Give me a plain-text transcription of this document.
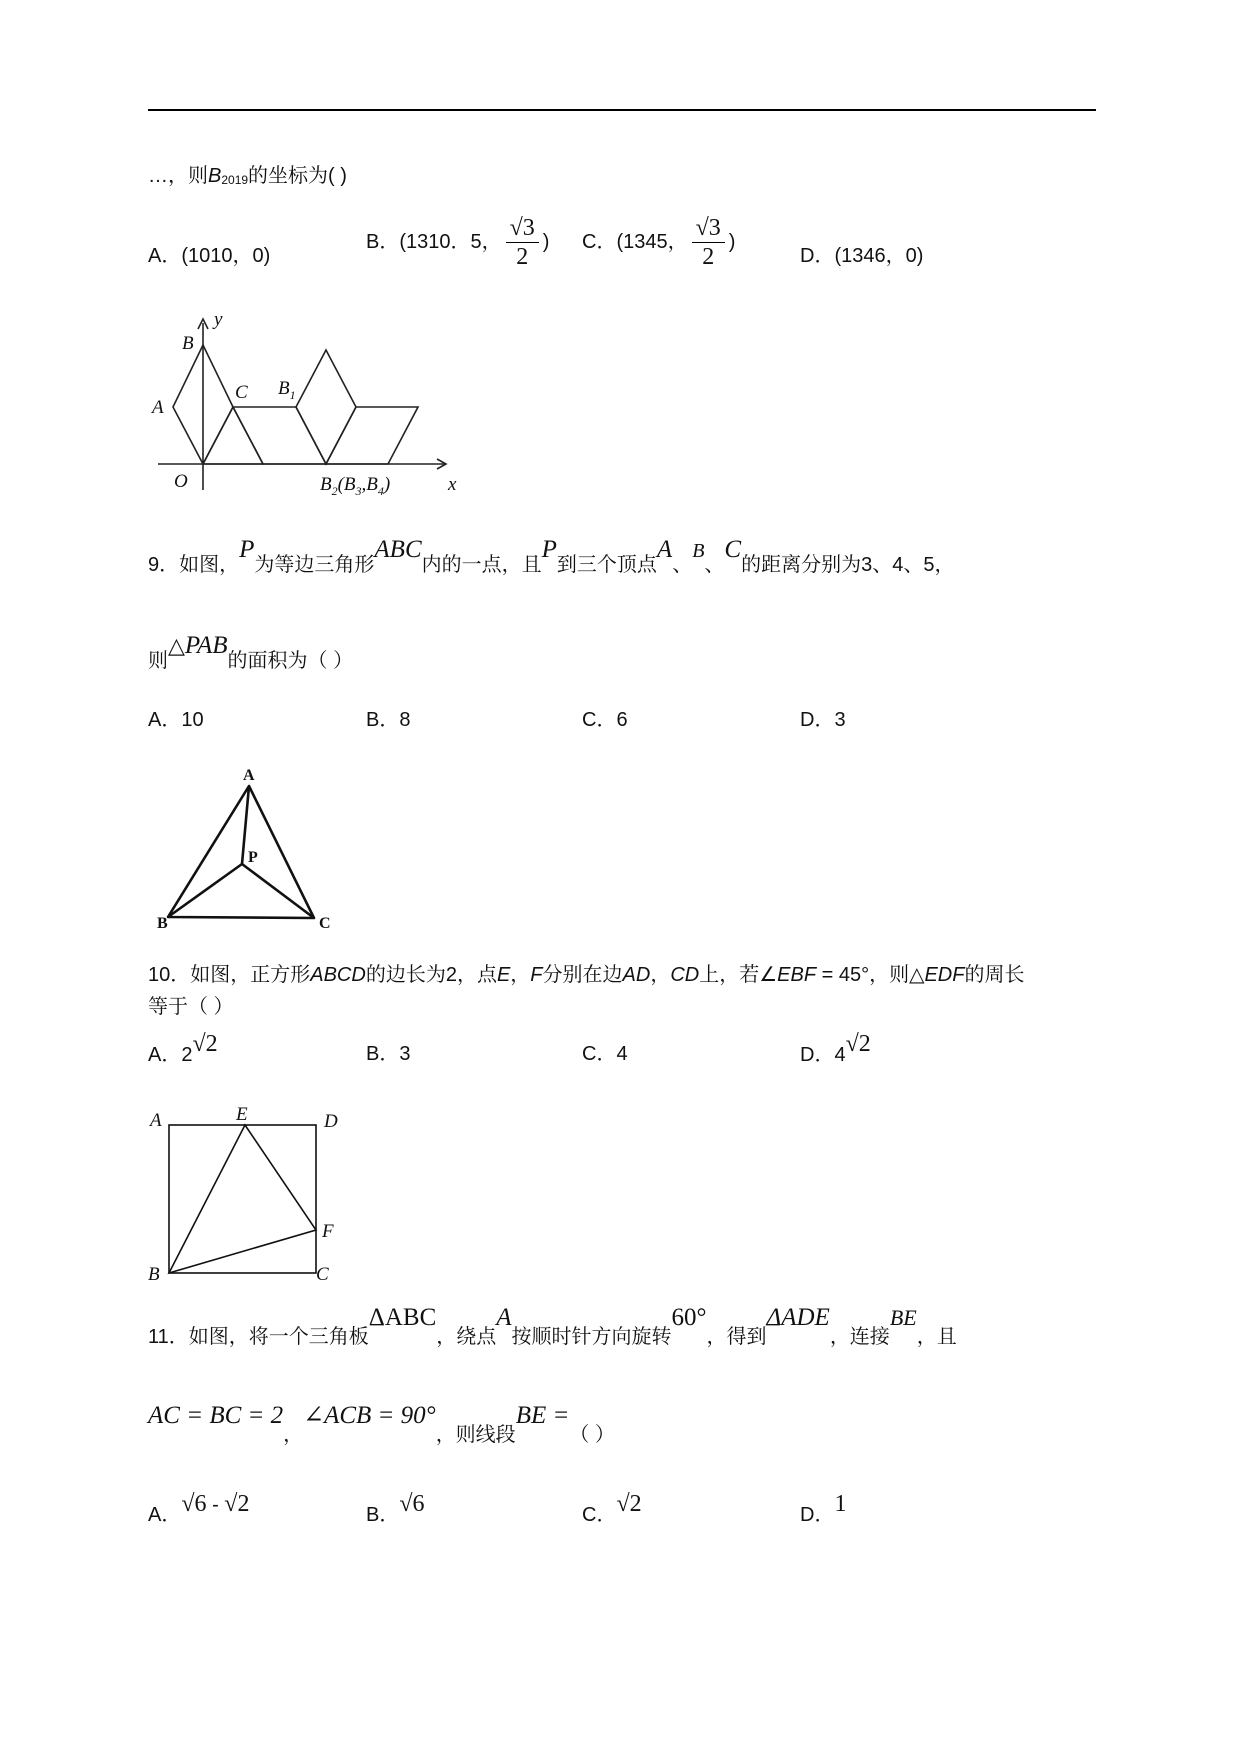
…，则B2019的坐标为( )
A．(1010，0)
B．(1310．5， $\frac{√3}{2}$ ) C．(1345， $\frac{√3}{2}$ )
D．(1346，0)
y
x
B
A
C
O
$B_1$
$B_2(B_3,B_4)$
9．如图，P为等边三角形ABC内的一点，且P到三个顶点A、B、C的距离分别为3、4、5，
则△PAB的面积为（ ）
A．10	B．8	C．6	D．3
A
B	C
P
10．如图，正方形ABCD的边长为2，点E，F分别在边AD，CD上，若∠EBF = 45°，则△EDF的周长
等于（ ）
A．2√2	B．3	C．4	D．4√2
A	E	D
F
B	C
11．如图，将一个三角板ΔABC，绕点A按顺时针方向旋转60°，得到ΔADE，连接BE，且
AC = BC = 2，∠ACB = 90°，则线段BE =（ ）
A．√6 - √2	B．√6	C．√2	D．1
